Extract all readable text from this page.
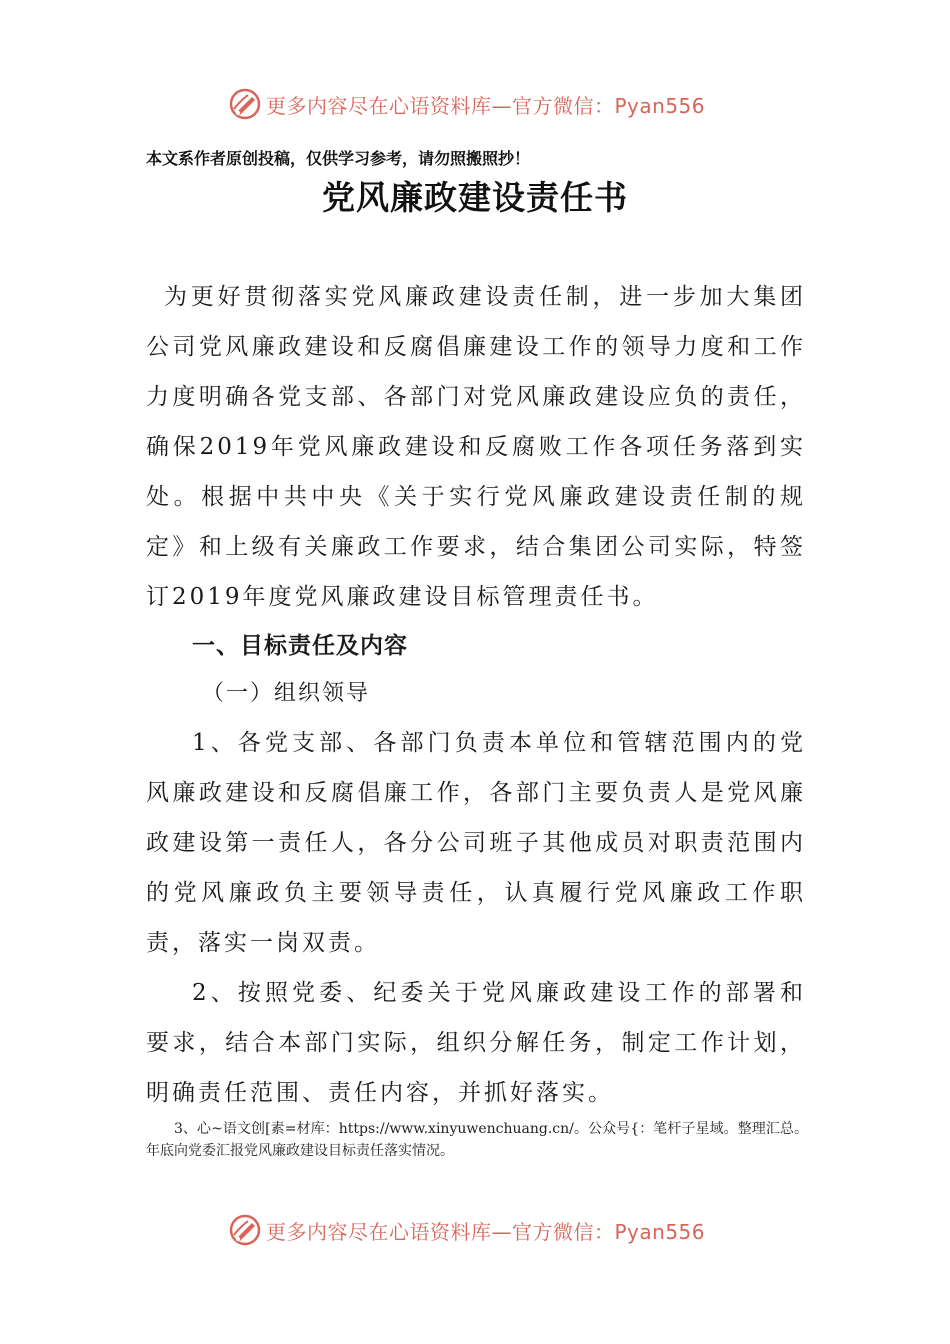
更多内容尽在心语资料库—官方微信：Pyan556
本文系作者原创投稿，仅供学习参考，请勿照搬照抄！
党风廉政建设责任书

为更好贯彻落实党风廉政建设责任制，进一步加大集团公司党风廉政建设和反腐倡廉建设工作的领导力度和工作力度明确各党支部、各部门对党风廉政建设应负的责任，确保2019年党风廉政建设和反腐败工作各项任务落到实处。根据中共中央《关于实行党风廉政建设责任制的规定》和上级有关廉政工作要求，结合集团公司实际，特签订2019年度党风廉政建设目标管理责任书。

一、目标责任及内容

（一）组织领导

1、各党支部、各部门负责本单位和管辖范围内的党风廉政建设和反腐倡廉工作，各部门主要负责人是党风廉政建设第一责任人，各分公司班子其他成员对职责范围内的党风廉政负主要领导责任，认真履行党风廉政工作职责，落实一岗双责。

2、按照党委、纪委关于党风廉政建设工作的部署和要求，结合本部门实际，组织分解任务，制定工作计划，明确责任范围、责任内容，并抓好落实。

3、心~语文创[素=材库：https://www.xinyuwenchuang.cn/。公众号{：笔杆子星域。整理汇总。年底向党委汇报党风廉政建设目标责任落实情况。

更多内容尽在心语资料库—官方微信：Pyan556
